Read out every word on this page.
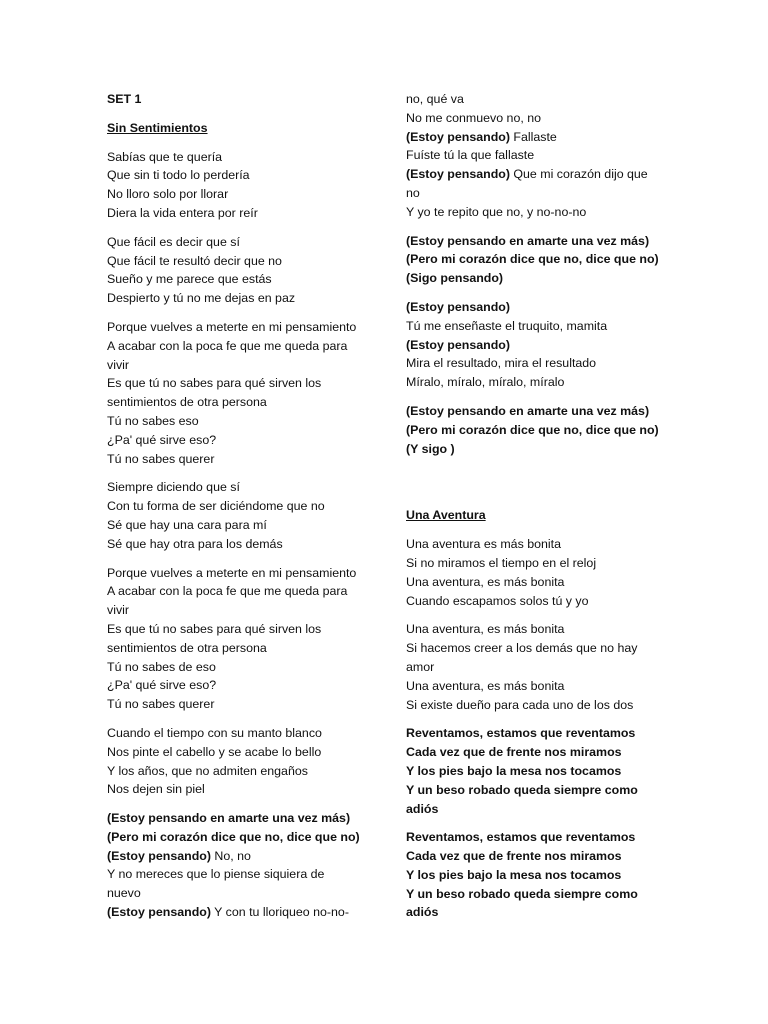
SET 1
Sin Sentimientos
Sabías que te quería
Que sin ti todo lo perdería
No lloro solo por llorar
Diera la vida entera por reír
Que fácil es decir que sí
Que fácil te resultó decir que no
Sueño y me parece que estás
Despierto y tú no me dejas en paz
Porque vuelves a meterte en mi pensamiento
A acabar con la poca fe que me queda para
vivir
Es que tú no sabes para qué sirven los
sentimientos de otra persona
Tú no sabes eso
¿Pa' qué sirve eso?
Tú no sabes querer
Siempre diciendo que sí
Con tu forma de ser diciéndome que no
Sé que hay una cara para mí
Sé que hay otra para los demás
Porque vuelves a meterte en mi pensamiento
A acabar con la poca fe que me queda para
vivir
Es que tú no sabes para qué sirven los
sentimientos de otra persona
Tú no sabes de eso
¿Pa' qué sirve eso?
Tú no sabes querer
Cuando el tiempo con su manto blanco
Nos pinte el cabello y se acabe lo bello
Y los años, que no admiten engaños
Nos dejen sin piel
(Estoy pensando en amarte una vez más)
(Pero mi corazón dice que no, dice que no)
(Estoy pensando) No, no
Y no mereces que lo piense siquiera de
nuevo
(Estoy pensando) Y con tu lloriqueo no-no-
no, qué va
No me conmuevo no, no
(Estoy pensando) Fallaste
Fuíste tú la que fallaste
(Estoy pensando) Que mi corazón dijo que
no
Y yo te repito que no, y no-no-no
(Estoy pensando en amarte una vez más)
(Pero mi corazón dice que no, dice que no)
(Sigo pensando)
(Estoy pensando)
Tú me enseñaste el truquito, mamita
(Estoy pensando)
Mira el resultado, mira el resultado
Míralo, míralo, míralo, míralo
(Estoy pensando en amarte una vez más)
(Pero mi corazón dice que no, dice que no)
(Y sigo )
Una Aventura
Una aventura es más bonita
Si no miramos el tiempo en el reloj
Una aventura, es más bonita
Cuando escapamos solos tú y yo
Una aventura, es más bonita
Si hacemos creer a los demás que no hay
amor
Una aventura, es más bonita
Si existe dueño para cada uno de los dos
Reventamos, estamos que reventamos
Cada vez que de frente nos miramos
Y los pies bajo la mesa nos tocamos
Y un beso robado queda siempre como
adiós
Reventamos, estamos que reventamos
Cada vez que de frente nos miramos
Y los pies bajo la mesa nos tocamos
Y un beso robado queda siempre como
adiós
